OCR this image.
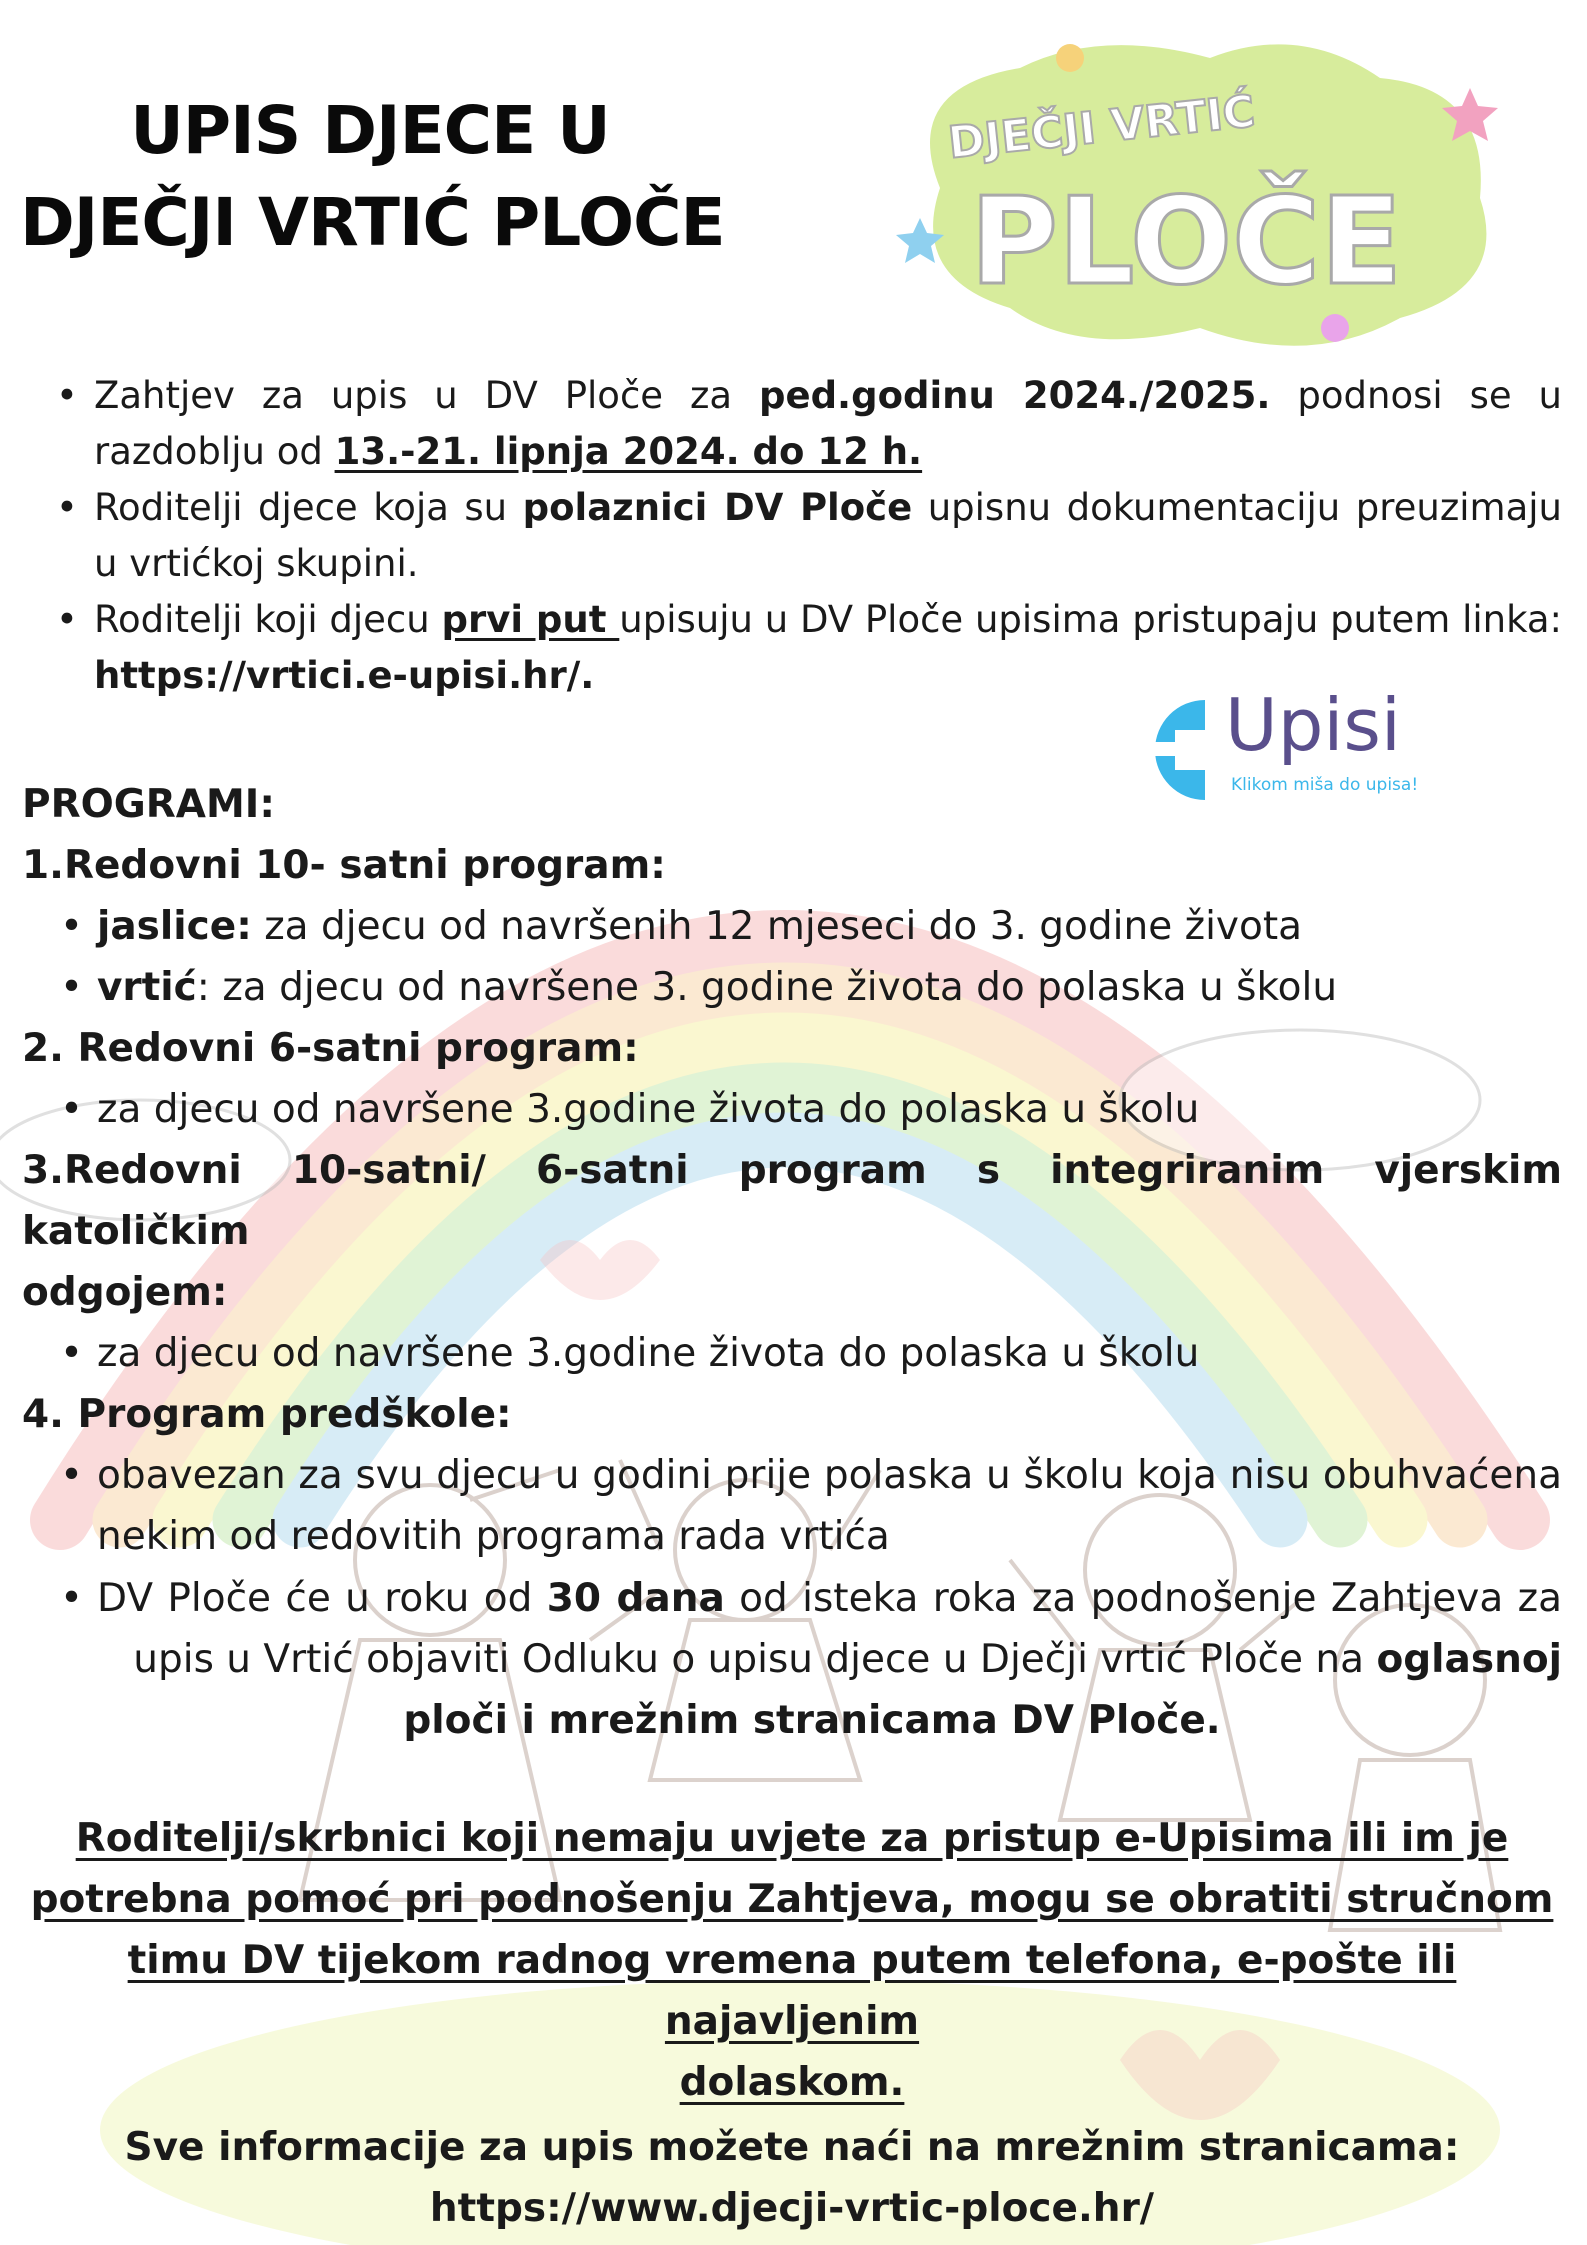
DJEČJI VRTIĆ
PLOČE
Upisi
Klikom miša do upisa!
UPIS DJECE U
DJEČJI VRTIĆ PLOČE
• Zahtjev za upis u DV Ploče za ped.godinu 2024./2025. podnosi se u razdoblju od 13.-21. lipnja 2024. do 12 h.
• Roditelji djece koja su polaznici DV Ploče upisnu dokumentaciju preuzimaju u vrtićkoj skupini.
• Roditelji koji djecu prvi put upisuju u DV Ploče upisima pristupaju putem linka: https://vrtici.e-upisi.hr/.
PROGRAMI:
1.Redovni 10- satni program:
• jaslice: za djecu od navršenih 12 mjeseci do 3. godine života
• vrtić: za djecu od navršene 3. godine života do polaska u školu
2. Redovni 6-satni program:
• za djecu od navršene 3.godine života do polaska u školu
3.Redovni 10-satni/ 6-satni program s integriranim vjerskim katoličkim
odgojem:
• za djecu od navršene 3.godine života do polaska u školu
4. Program predškole:
• obavezan za svu djecu u godini prije polaska u školu koja nisu obuhvaćena nekim od redovitih programa rada vrtića
• DV Ploče će u roku od 30 dana od isteka roka za podnošenje Zahtjeva za
upis u Vrtić objaviti Odluku o upisu djece u Dječji vrtić Ploče na oglasnoj
ploči i mrežnim stranicama DV Ploče.
Roditelji/skrbnici koji nemaju uvjete za pristup e-Upisima ili im je
potrebna pomoć pri podnošenju Zahtjeva, mogu se obratiti stručnom
timu DV tijekom radnog vremena putem telefona, e-pošte ili najavljenim
dolaskom.
Sve informacije za upis možete naći na mrežnim stranicama:
https://www.djecji-vrtic-ploce.hr/
